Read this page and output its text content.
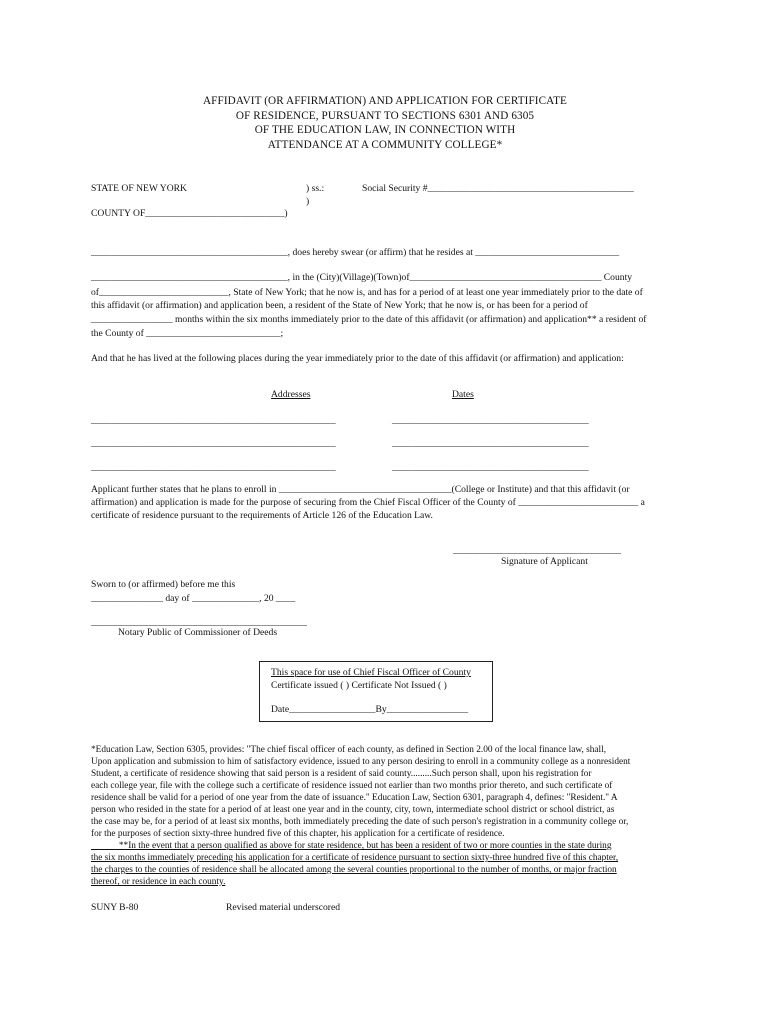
AFFIDAVIT (OR AFFIRMATION) AND APPLICATION FOR CERTIFICATE
OF RESIDENCE, PURSUANT TO SECTIONS 6301 AND 6305
OF THE EDUCATION LAW, IN CONNECTION WITH
ATTENDANCE AT A COMMUNITY COLLEGE*
STATE OF NEW YORK	) ss.:
)
COUNTY OF_____________________________)
Social Security #___________________________________________
_________________________________________, does hereby swear (or affirm) that he resides at ______________________________
_________________________________________, in the (City)(Village)(Town)of________________________________________ County
of___________________________, State of New York; that he now is, and has for a period of at least one year immediately prior to the date of
this affidavit (or affirmation) and application been, a resident of the State of New York; that he now is, or has been for a period of
_________________ months within the six months immediately prior to the date of this affidavit (or affirmation) and application** a resident of
the County of ____________________________;
And that he has lived at the following places during the year immediately prior to the date of this affidavit (or affirmation) and application:
Addresses	Dates
___________________________________________________	_________________________________________
___________________________________________________	_________________________________________
___________________________________________________	_________________________________________
Applicant further states that he plans to enroll in ____________________________________(College or Institute) and that this affidavit (or
affirmation) and application is made for the purpose of securing from the Chief Fiscal Officer of the County of _________________________ a
certificate of residence pursuant to the requirements of Article 126 of the Education Law.
___________________________________
Signature of Applicant
Sworn to (or affirmed) before me this
_______________ day of ______________, 20 ____
_____________________________________________
Notary Public of Commissioner of Deeds
This space for use of Chief Fiscal Officer of County
Certificate issued ( ) Certificate Not Issued ( )
Date__________________By_________________
*Education Law, Section 6305, provides: "The chief fiscal officer of each county, as defined in Section 2.00 of the local finance law, shall,
Upon application and submission to him of satisfactory evidence, issued to any person desiring to enroll in a community college as a nonresident
Student, a certificate of residence showing that said person is a resident of said county.........Such person shall, upon his registration for
each college year, file with the college such a certificate of residence issued not earlier than two months prior thereto, and such certificate of
residence shall be valid for a period of one year from the date of issuance." Education Law, Section 6301, paragraph 4, defines: "Resident." A
person who resided in the state for a period of at least one year and in the county, city, town, intermediate school district or school district, as
the case may be, for a period of at least six months, both immediately preceding the date of such person's registration in a community college or,
for the purposes of section sixty-three hundred five of this chapter, his application for a certificate of residence.
**In the event that a person qualified as above for state residence, but has been a resident of two or more counties in the state during
the six months immediately preceding his application for a certificate of residence pursuant to section sixty-three hundred five of this chapter,
the charges to the counties of residence shall be allocated among the several counties proportional to the number of months, or major fraction
thereof, or residence in each county.
SUNY B-80	Revised material underscored
